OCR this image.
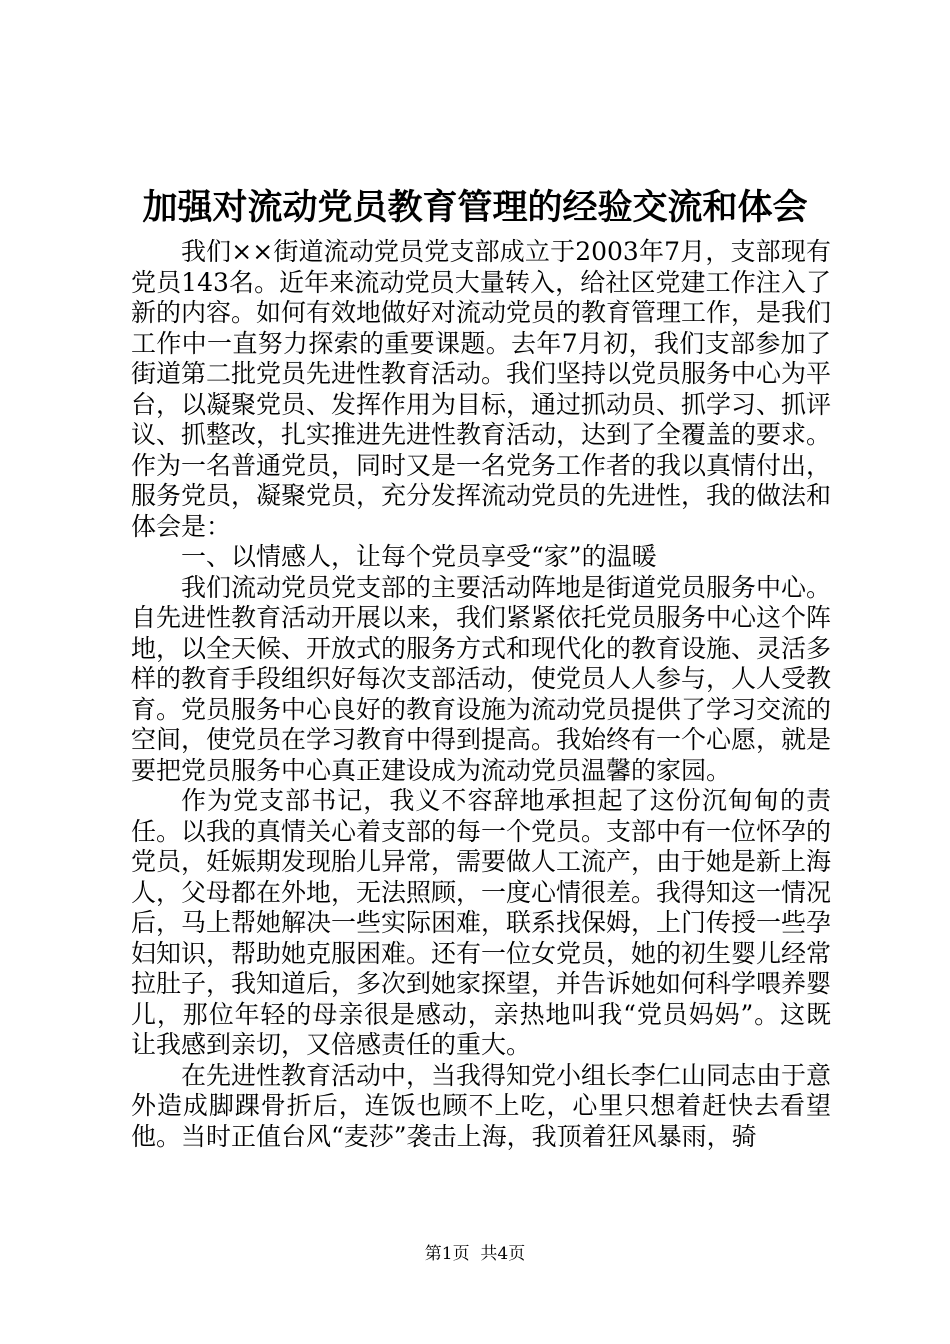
加强对流动党员教育管理的经验交流和体会

我们××街道流动党员党支部成立于2003年7月，支部现有党员143名。近年来流动党员大量转入，给社区党建工作注入了新的内容。如何有效地做好对流动党员的教育管理工作，是我们工作中一直努力探索的重要课题。去年7月初，我们支部参加了街道第二批党员先进性教育活动。我们坚持以党员服务中心为平台，以凝聚党员、发挥作用为目标，通过抓动员、抓学习、抓评议、抓整改，扎实推进先进性教育活动，达到了全覆盖的要求。作为一名普通党员，同时又是一名党务工作者的我以真情付出，服务党员，凝聚党员，充分发挥流动党员的先进性，我的做法和体会是：

一、以情感人，让每个党员享受“家”的温暖

我们流动党员党支部的主要活动阵地是街道党员服务中心。自先进性教育活动开展以来，我们紧紧依托党员服务中心这个阵地，以全天候、开放式的服务方式和现代化的教育设施、灵活多样的教育手段组织好每次支部活动，使党员人人参与，人人受教育。党员服务中心良好的教育设施为流动党员提供了学习交流的空间，使党员在学习教育中得到提高。我始终有一个心愿，就是要把党员服务中心真正建设成为流动党员温馨的家园。

作为党支部书记，我义不容辞地承担起了这份沉甸甸的责任。以我的真情关心着支部的每一个党员。支部中有一位怀孕的党员，妊娠期发现胎儿异常，需要做人工流产，由于她是新上海人，父母都在外地，无法照顾，一度心情很差。我得知这一情况后，马上帮她解决一些实际困难，联系找保姆，上门传授一些孕妇知识，帮助她克服困难。还有一位女党员，她的初生婴儿经常拉肚子，我知道后，多次到她家探望，并告诉她如何科学喂养婴儿，那位年轻的母亲很是感动，亲热地叫我“党员妈妈”。这既让我感到亲切，又倍感责任的重大。

在先进性教育活动中，当我得知党小组长李仁山同志由于意外造成脚踝骨折后，连饭也顾不上吃，心里只想着赶快去看望他。当时正值台风“麦莎”袭击上海，我顶着狂风暴雨，骑

第1页 共4页
